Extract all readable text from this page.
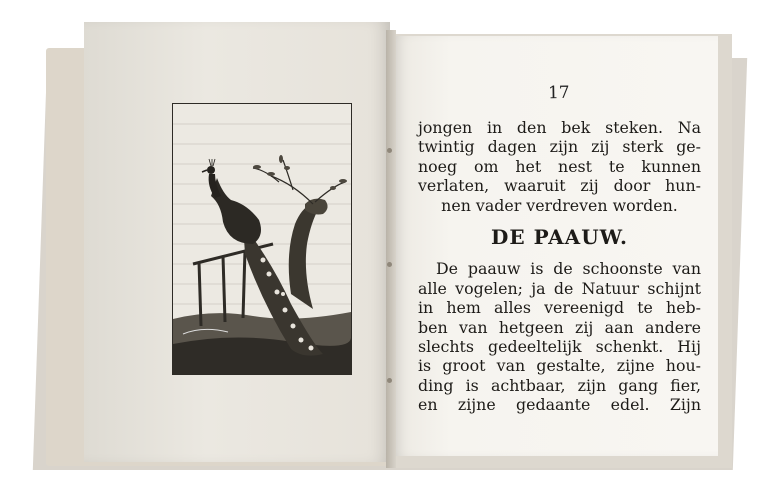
17
jongen in den bek steken. Na
twintig dagen zijn zij sterk ge-
noeg om het nest te kunnen
verlaten, waaruit zij door hun-
nen vader verdreven worden.
DE PAAUW.
De paauw is de schoonste van
alle vogelen; ja de Natuur schijnt
in hem alles vereenigd te heb-
ben van hetgeen zij aan andere
slechts gedeeltelijk schenkt. Hij
is groot van gestalte, zijne hou-
ding is achtbaar, zijn gang fier,
en zijne gedaante edel. Zijn
